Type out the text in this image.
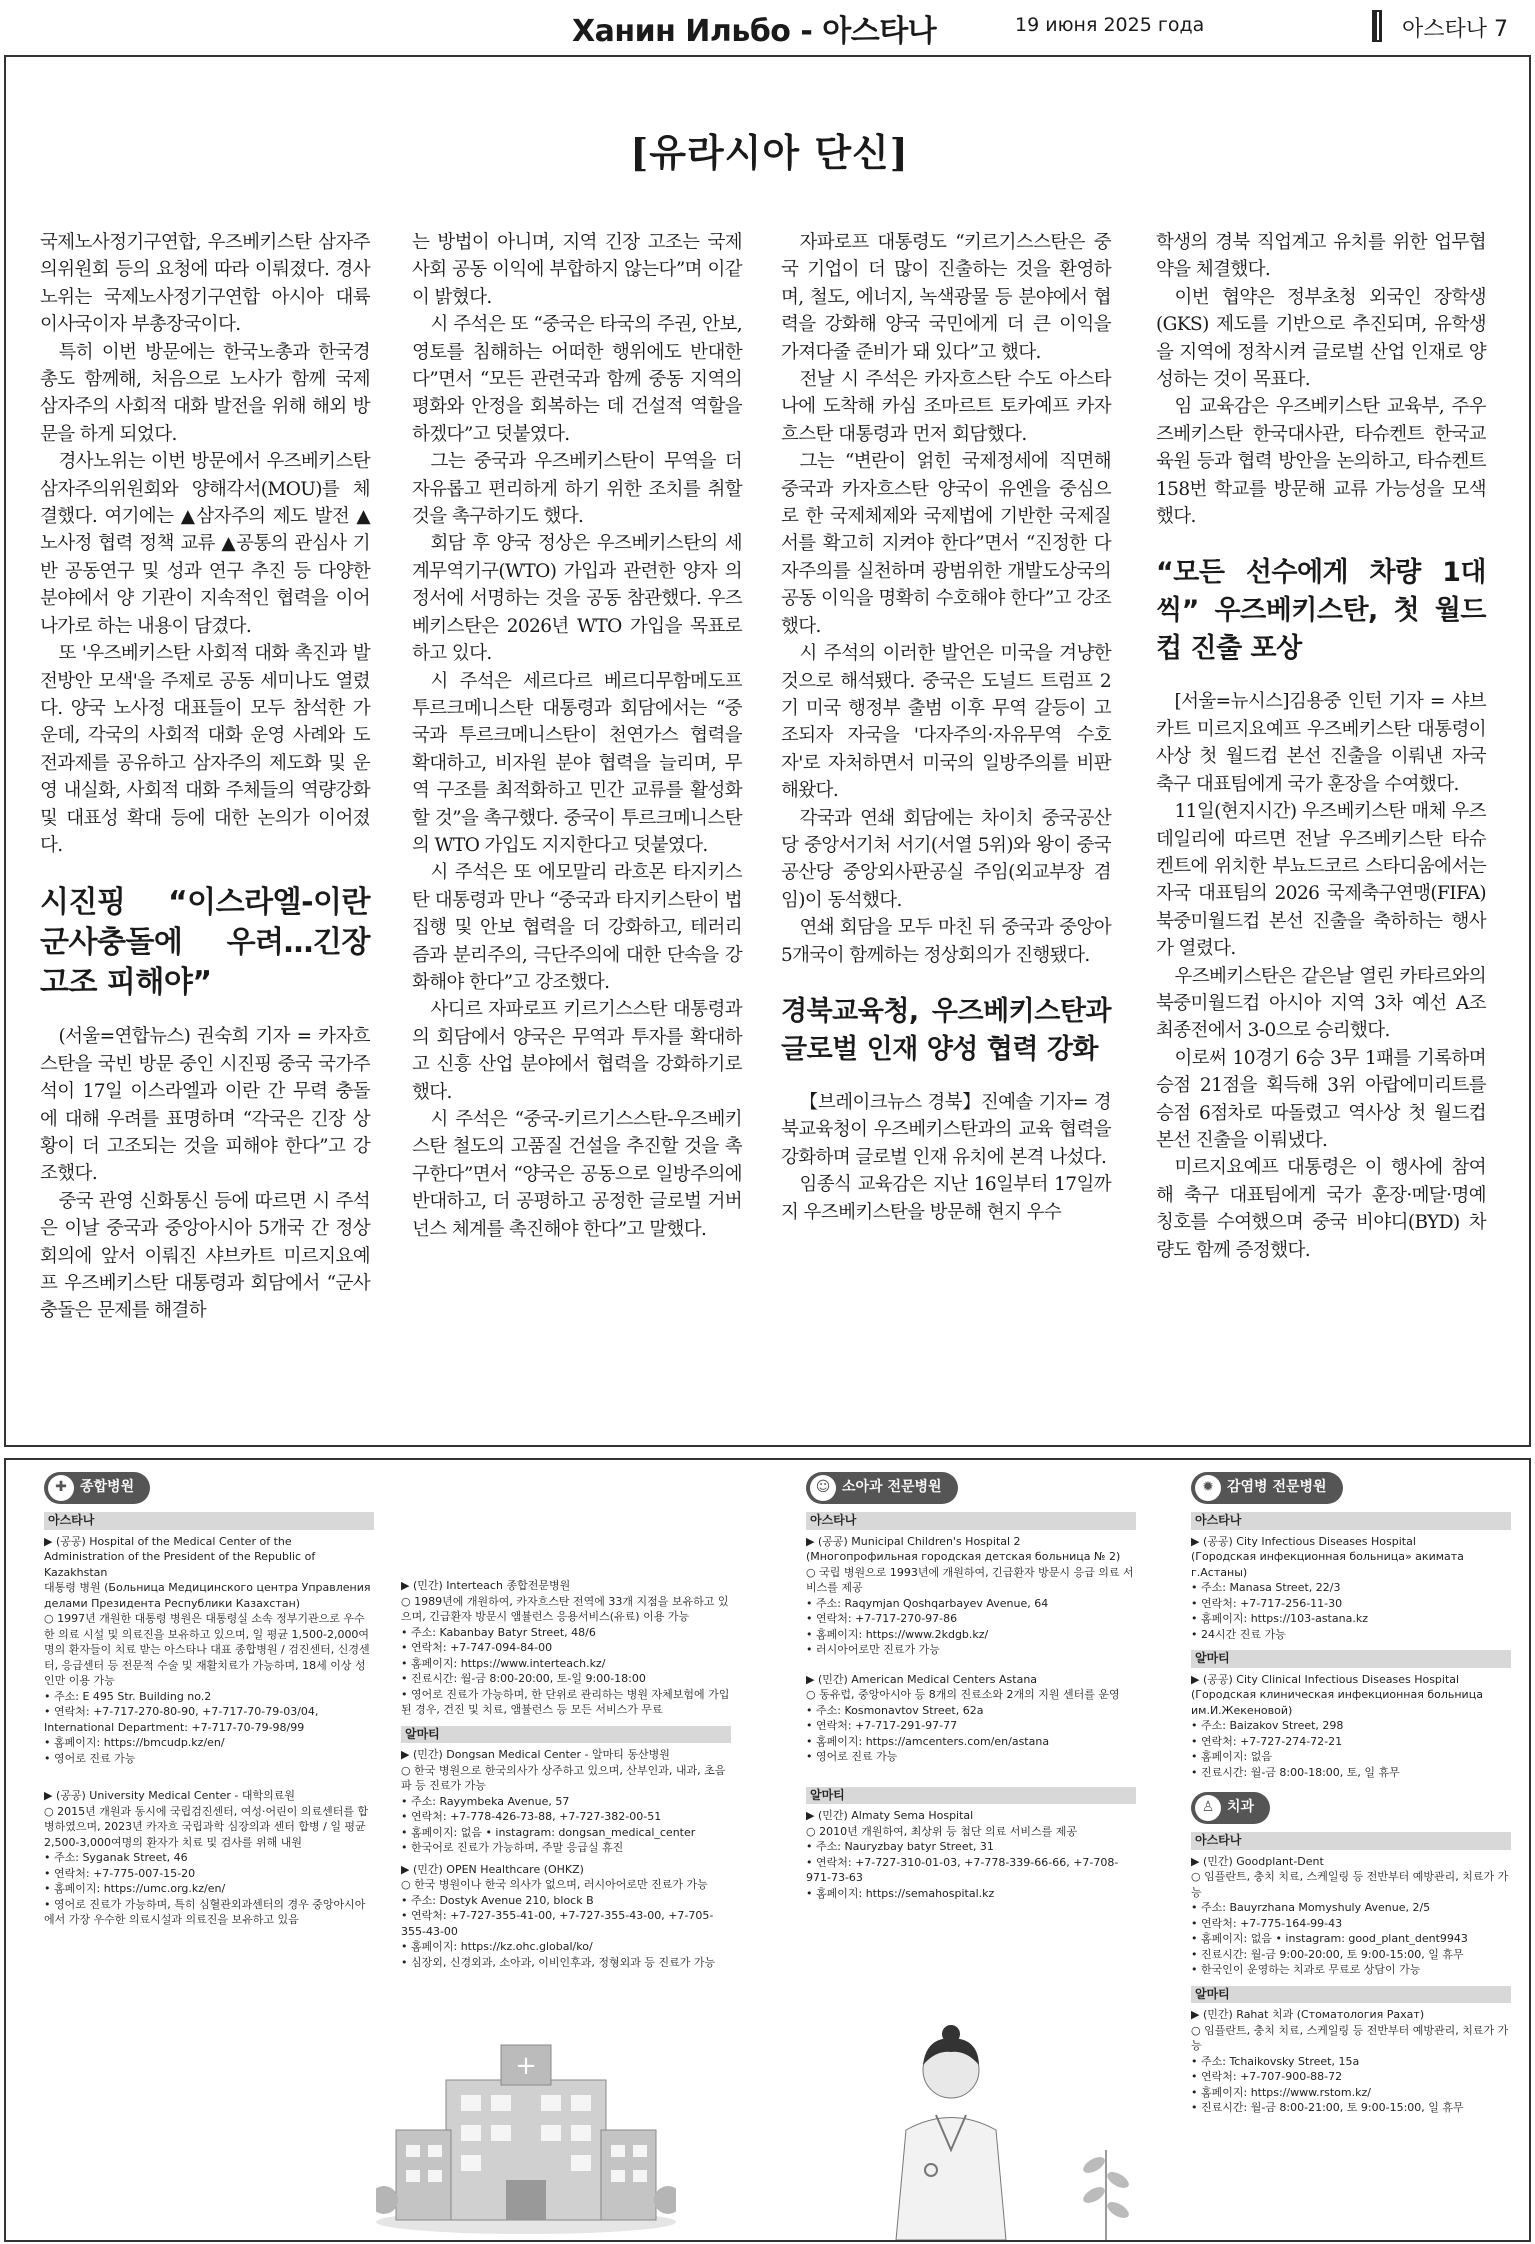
Ханин Ильбо - 아스타나	19 июня 2025 года	아스타나 7
[유라시아 단신]

국제노사정기구연합, 우즈베키스탄 삼자주의위원회 등의 요청에 따라 이뤄졌다. 경사노위는 국제노사정기구연합 아시아 대륙 이사국이자 부총장국이다.

특히 이번 방문에는 한국노총과 한국경총도 함께해, 처음으로 노사가 함께 국제 삼자주의 사회적 대화 발전을 위해 해외 방문을 하게 되었다.

경사노위는 이번 방문에서 우즈베키스탄 삼자주의위원회와 양해각서(MOU)를 체결했다. 여기에는 ▲삼자주의 제도 발전 ▲노사정 협력 정책 교류 ▲공통의 관심사 기반 공동연구 및 성과 연구 추진 등 다양한 분야에서 양 기관이 지속적인 협력을 이어나가로 하는 내용이 담겼다.

또 '우즈베키스탄 사회적 대화 촉진과 발전방안 모색'을 주제로 공동 세미나도 열렸다. 양국 노사정 대표들이 모두 참석한 가운데, 각국의 사회적 대화 운영 사례와 도전과제를 공유하고 삼자주의 제도화 및 운영 내실화, 사회적 대화 주체들의 역량강화 및 대표성 확대 등에 대한 논의가 이어졌다.

시진핑 “이스라엘-이란 군사충돌에 우려…긴장 고조 피해야”

(서울=연합뉴스) 권숙희 기자 = 카자흐스탄을 국빈 방문 중인 시진핑 중국 국가주석이 17일 이스라엘과 이란 간 무력 충돌에 대해 우려를 표명하며 “각국은 긴장 상황이 더 고조되는 것을 피해야 한다”고 강조했다.

중국 관영 신화통신 등에 따르면 시 주석은 이날 중국과 중앙아시아 5개국 간 정상회의에 앞서 이뤄진 샤브카트 미르지요예프 우즈베키스탄 대통령과 회담에서 “군사 충돌은 문제를 해결하

는 방법이 아니며, 지역 긴장 고조는 국제사회 공동 이익에 부합하지 않는다”며 이같이 밝혔다.

시 주석은 또 “중국은 타국의 주권, 안보, 영토를 침해하는 어떠한 행위에도 반대한다”면서 “모든 관련국과 함께 중동 지역의 평화와 안정을 회복하는 데 건설적 역할을 하겠다”고 덧붙였다.

그는 중국과 우즈베키스탄이 무역을 더 자유롭고 편리하게 하기 위한 조치를 취할 것을 촉구하기도 했다.

회담 후 양국 정상은 우즈베키스탄의 세계무역기구(WTO) 가입과 관련한 양자 의정서에 서명하는 것을 공동 참관했다. 우즈베키스탄은 2026년 WTO 가입을 목표로 하고 있다.

시 주석은 세르다르 베르디무함메도프 투르크메니스탄 대통령과 회담에서는 “중국과 투르크메니스탄이 천연가스 협력을 확대하고, 비자원 분야 협력을 늘리며, 무역 구조를 최적화하고 민간 교류를 활성화할 것”을 촉구했다. 중국이 투르크메니스탄의 WTO 가입도 지지한다고 덧붙였다.

시 주석은 또 에모말리 라흐몬 타지키스탄 대통령과 만나 “중국과 타지키스탄이 법 집행 및 안보 협력을 더 강화하고, 테러리즘과 분리주의, 극단주의에 대한 단속을 강화해야 한다”고 강조했다.

사디르 자파로프 키르기스스탄 대통령과의 회담에서 양국은 무역과 투자를 확대하고 신흥 산업 분야에서 협력을 강화하기로 했다.

시 주석은 “중국-키르기스스탄-우즈베키스탄 철도의 고품질 건설을 추진할 것을 촉구한다”면서 “양국은 공동으로 일방주의에 반대하고, 더 공평하고 공정한 글로벌 거버넌스 체계를 촉진해야 한다”고 말했다.

자파로프 대통령도 “키르기스스탄은 중국 기업이 더 많이 진출하는 것을 환영하며, 철도, 에너지, 녹색광물 등 분야에서 협력을 강화해 양국 국민에게 더 큰 이익을 가져다줄 준비가 돼 있다”고 했다.

전날 시 주석은 카자흐스탄 수도 아스타나에 도착해 카심 조마르트 토카예프 카자흐스탄 대통령과 먼저 회담했다.

그는 “변란이 얽힌 국제정세에 직면해 중국과 카자흐스탄 양국이 유엔을 중심으로 한 국제체제와 국제법에 기반한 국제질서를 확고히 지켜야 한다”면서 “진정한 다자주의를 실천하며 광범위한 개발도상국의 공동 이익을 명확히 수호해야 한다”고 강조했다.

시 주석의 이러한 발언은 미국을 겨냥한 것으로 해석됐다. 중국은 도널드 트럼프 2기 미국 행정부 출범 이후 무역 갈등이 고조되자 자국을 '다자주의·자유무역 수호자'로 자처하면서 미국의 일방주의를 비판해왔다.

각국과 연쇄 회담에는 차이치 중국공산당 중앙서기처 서기(서열 5위)와 왕이 중국공산당 중앙외사판공실 주임(외교부장 겸임)이 동석했다.

연쇄 회담을 모두 마친 뒤 중국과 중앙아 5개국이 함께하는 정상회의가 진행됐다.

경북교육청, 우즈베키스탄과 글로벌 인재 양성 협력 강화

【브레이크뉴스 경북】진예솔 기자= 경북교육청이 우즈베키스탄과의 교육 협력을 강화하며 글로벌 인재 유치에 본격 나섰다.

임종식 교육감은 지난 16일부터 17일까지 우즈베키스탄을 방문해 현지 우수

학생의 경북 직업계고 유치를 위한 업무협약을 체결했다.

이번 협약은 정부초청 외국인 장학생(GKS) 제도를 기반으로 추진되며, 유학생을 지역에 정착시켜 글로벌 산업 인재로 양성하는 것이 목표다.

임 교육감은 우즈베키스탄 교육부, 주우즈베키스탄 한국대사관, 타슈켄트 한국교육원 등과 협력 방안을 논의하고, 타슈켄트 158번 학교를 방문해 교류 가능성을 모색했다.

“모든 선수에게 차량 1대씩” 우즈베키스탄, 첫 월드컵 진출 포상

[서울=뉴시스]김용중 인턴 기자 = 샤브카트 미르지요예프 우즈베키스탄 대통령이 사상 첫 월드컵 본선 진출을 이뤄낸 자국 축구 대표팀에게 국가 훈장을 수여했다.

11일(현지시간) 우즈베키스탄 매체 우즈데일리에 따르면 전날 우즈베키스탄 타슈켄트에 위치한 부뇨드코르 스타디움에서는 자국 대표팀의 2026 국제축구연맹(FIFA) 북중미월드컵 본선 진출을 축하하는 행사가 열렸다.

우즈베키스탄은 같은날 열린 카타르와의 북중미월드컵 아시아 지역 3차 예선 A조 최종전에서 3-0으로 승리했다.

이로써 10경기 6승 3무 1패를 기록하며 승점 21점을 획득해 3위 아랍에미리트를 승점 6점차로 따돌렸고 역사상 첫 월드컵 본선 진출을 이뤄냈다.

미르지요예프 대통령은 이 행사에 참여해 축구 대표팀에게 국가 훈장·메달·명예 칭호를 수여했으며 중국 비야디(BYD) 차량도 함께 증정했다.

✚ 종합병원
아스타나
▶ (공공) Hospital of the Medical Center of the Administration of the President of the Republic of Kazakhstan
대통령 병원 (Больница Медицинского центра Управления делами Президента Республики Казахстан)
○ 1997년 개원한 대통령 병원은 대통령실 소속 정부기관으로 우수한 의료 시설 및 의료진을 보유하고 있으며, 일 평균 1,500-2,000여명의 환자들이 치료 받는 아스타나 대표 종합병원 / 검진센터, 신경센터, 응급센터 등 전문적 수술 및 재활치료가 가능하며, 18세 이상 성인만 이용 가능
• 주소: E 495 Str. Building no.2
• 연락처: +7-717-270-80-90, +7-717-70-79-03/04, International Department: +7-717-70-79-98/99
• 홈페이지: https://bmcudp.kz/en/
• 영어로 진료 가능
▶ (공공) University Medical Center - 대학의료원
○ 2015년 개원과 동시에 국립검진센터, 여성·어린이 의료센터를 합병하였으며, 2023년 카자흐 국립과학 심장의과 센터 합병 / 일 평균 2,500-3,000여명의 환자가 치료 및 검사를 위해 내원
• 주소: Syganak Street, 46
• 연락처: +7-775-007-15-20
• 홈페이지: https://umc.org.kz/en/
• 영어로 진료가 가능하며, 특히 심혈관외과센터의 경우 중앙아시아에서 가장 우수한 의료시설과 의료진을 보유하고 있음
▶ (민간) Interteach 종합전문병원
○ 1989년에 개원하여, 카자흐스탄 전역에 33개 지점을 보유하고 있으며, 긴급환자 방문시 앰뷸런스 응용서비스(유료) 이용 가능
• 주소: Kabanbay Batyr Street, 48/6
• 연락처: +7-747-094-84-00
• 홈페이지: https://www.interteach.kz/
• 진료시간: 월-금 8:00-20:00, 토-일 9:00-18:00
• 영어로 진료가 가능하며, 한 단위로 관리하는 병원 자체보험에 가입된 경우, 건진 및 치료, 앰뷸런스 등 모든 서비스가 무료
알마티
▶ (민간) Dongsan Medical Center - 알마티 동산병원
○ 한국 병원으로 한국의사가 상주하고 있으며, 산부인과, 내과, 초음파 등 진료가 가능
• 주소: Rayymbeka Avenue, 57
• 연락처: +7-778-426-73-88, +7-727-382-00-51
• 홈페이지: 없음 • instagram: dongsan_medical_center
• 한국어로 진료가 가능하며, 주말 응급실 휴진
▶ (민간) OPEN Healthcare (OHKZ)
○ 한국 병원이나 한국 의사가 없으며, 러시아어로만 진료가 가능
• 주소: Dostyk Avenue 210, block B
• 연락처: +7-727-355-41-00, +7-727-355-43-00, +7-705-355-43-00
• 홈페이지: https://kz.ohc.global/ko/
• 심장외, 신경외과, 소아과, 이비인후과, 정형외과 등 진료가 가능
☺ 소아과 전문병원
아스타나
▶ (공공) Municipal Children's Hospital 2
(Многопрофильная городская детская больница № 2)
○ 국립 병원으로 1993년에 개원하여, 긴급환자 방문시 응급 의료 서비스를 제공
• 주소: Raqymjan Qoshqarbayev Avenue, 64
• 연락처: +7-717-270-97-86
• 홈페이지: https://www.2kdgb.kz/
• 러시아어로만 진료가 가능
▶ (민간) American Medical Centers Astana
○ 동유럽, 중앙아시아 등 8개의 진료소와 2개의 지원 센터를 운영
• 주소: Kosmonavtov Street, 62a
• 연락처: +7-717-291-97-77
• 홈페이지: https://amcenters.com/en/astana
• 영어로 진료 가능
알마티
▶ (민간) Almaty Sema Hospital
○ 2010년 개원하여, 최상위 등 첨단 의료 서비스를 제공
• 주소: Nauryzbay batyr Street, 31
• 연락처: +7-727-310-01-03, +7-778-339-66-66, +7-708-971-73-63
• 홈페이지: https://semahospital.kz
✹ 감염병 전문병원
아스타나
▶ (공공) City Infectious Diseases Hospital
(Городская инфекционная больница» акимата г.Астаны)
• 주소: Manasa Street, 22/3
• 연락처: +7-717-256-11-30
• 홈페이지: https://103-astana.kz
• 24시간 진료 가능
알마티
▶ (공공) City Clinical Infectious Diseases Hospital
(Городская клиническая инфекционная больница им.И.Жекеновой)
• 주소: Baizakov Street, 298
• 연락처: +7-727-274-72-21
• 홈페이지: 없음
• 진료시간: 월-금 8:00-18:00, 토, 일 휴무
♙ 치과
아스타나
▶ (민간) Goodplant-Dent
○ 임플란트, 충치 치료, 스케일링 등 전반부터 예방관리, 치료가 가능
• 주소: Bauyrzhana Momyshuly Avenue, 2/5
• 연락처: +7-775-164-99-43
• 홈페이지: 없음 • instagram: good_plant_dent9943
• 진료시간: 월-금 9:00-20:00, 토 9:00-15:00, 일 휴무
• 한국인이 운영하는 치과로 무료로 상담이 가능
알마티
▶ (민간) Rahat 치과 (Стоматология Рахат)
○ 임플란트, 충치 치료, 스케일링 등 전반부터 예방관리, 치료가 가능
• 주소: Tchaikovsky Street, 15a
• 연락처: +7-707-900-88-72
• 홈페이지: https://www.rstom.kz/
• 진료시간: 월-금 8:00-21:00, 토 9:00-15:00, 일 휴무
+
